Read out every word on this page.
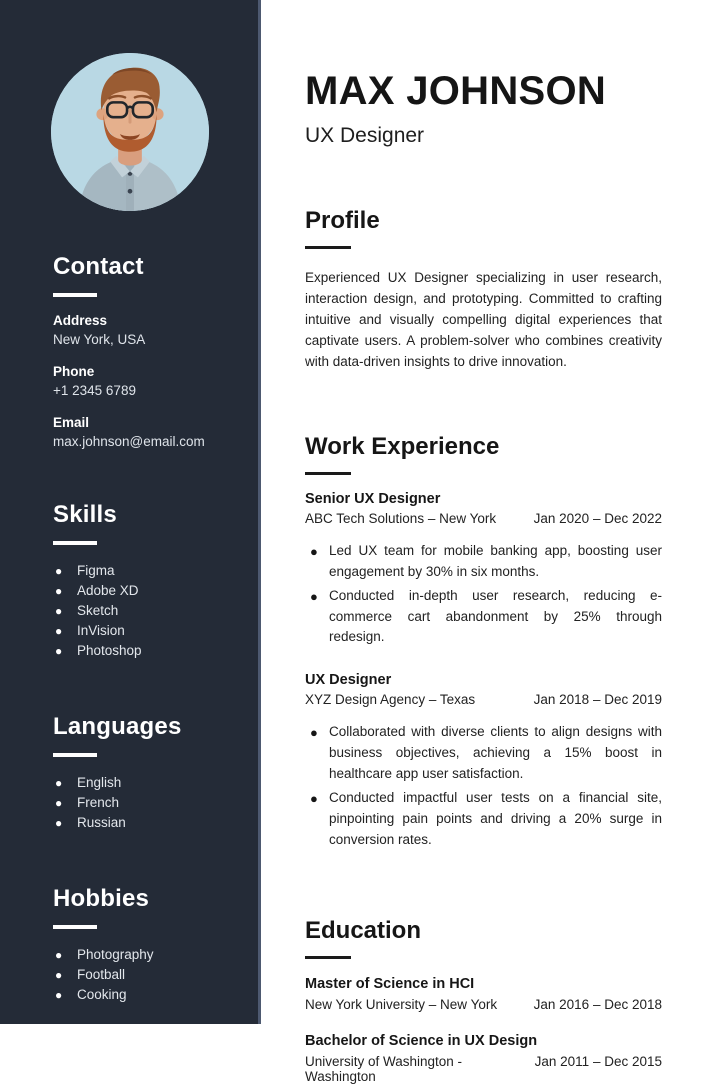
Contact
Address
New York, USA
Phone
+1 2345 6789
Email
max.johnson@email.com
Skills
●	Figma
●	Adobe XD
●	Sketch
●	InVision
●	Photoshop
Languages
●	English
●	French
●	Russian
Hobbies
●	Photography
●	Football
●	Cooking
MAX JOHNSON
UX Designer
Profile

Experienced UX Designer specializing in user research, interaction design, and prototyping. Committed to crafting intuitive and visually compelling digital experiences that captivate users. A problem-solver who combines creativity with data-driven insights to drive innovation.

Work Experience
Senior UX Designer
ABC Tech Solutions – New York	Jan 2020 – Dec 2022
● Led UX team for mobile banking app, boosting user engagement by 30% in six months.
● Conducted in-depth user research, reducing e-commerce cart abandonment by 25% through redesign.
UX Designer
XYZ Design Agency – Texas	Jan 2018 – Dec 2019
● Collaborated with diverse clients to align designs with business objectives, achieving a 15% boost in healthcare app user satisfaction.
● Conducted impactful user tests on a financial site, pinpointing pain points and driving a 20% surge in conversion rates.
Education
Master of Science in HCI
New York University – New York	Jan 2016 – Dec 2018
Bachelor of Science in UX Design
University of Washington - Washington
Jan 2011 – Dec 2015
